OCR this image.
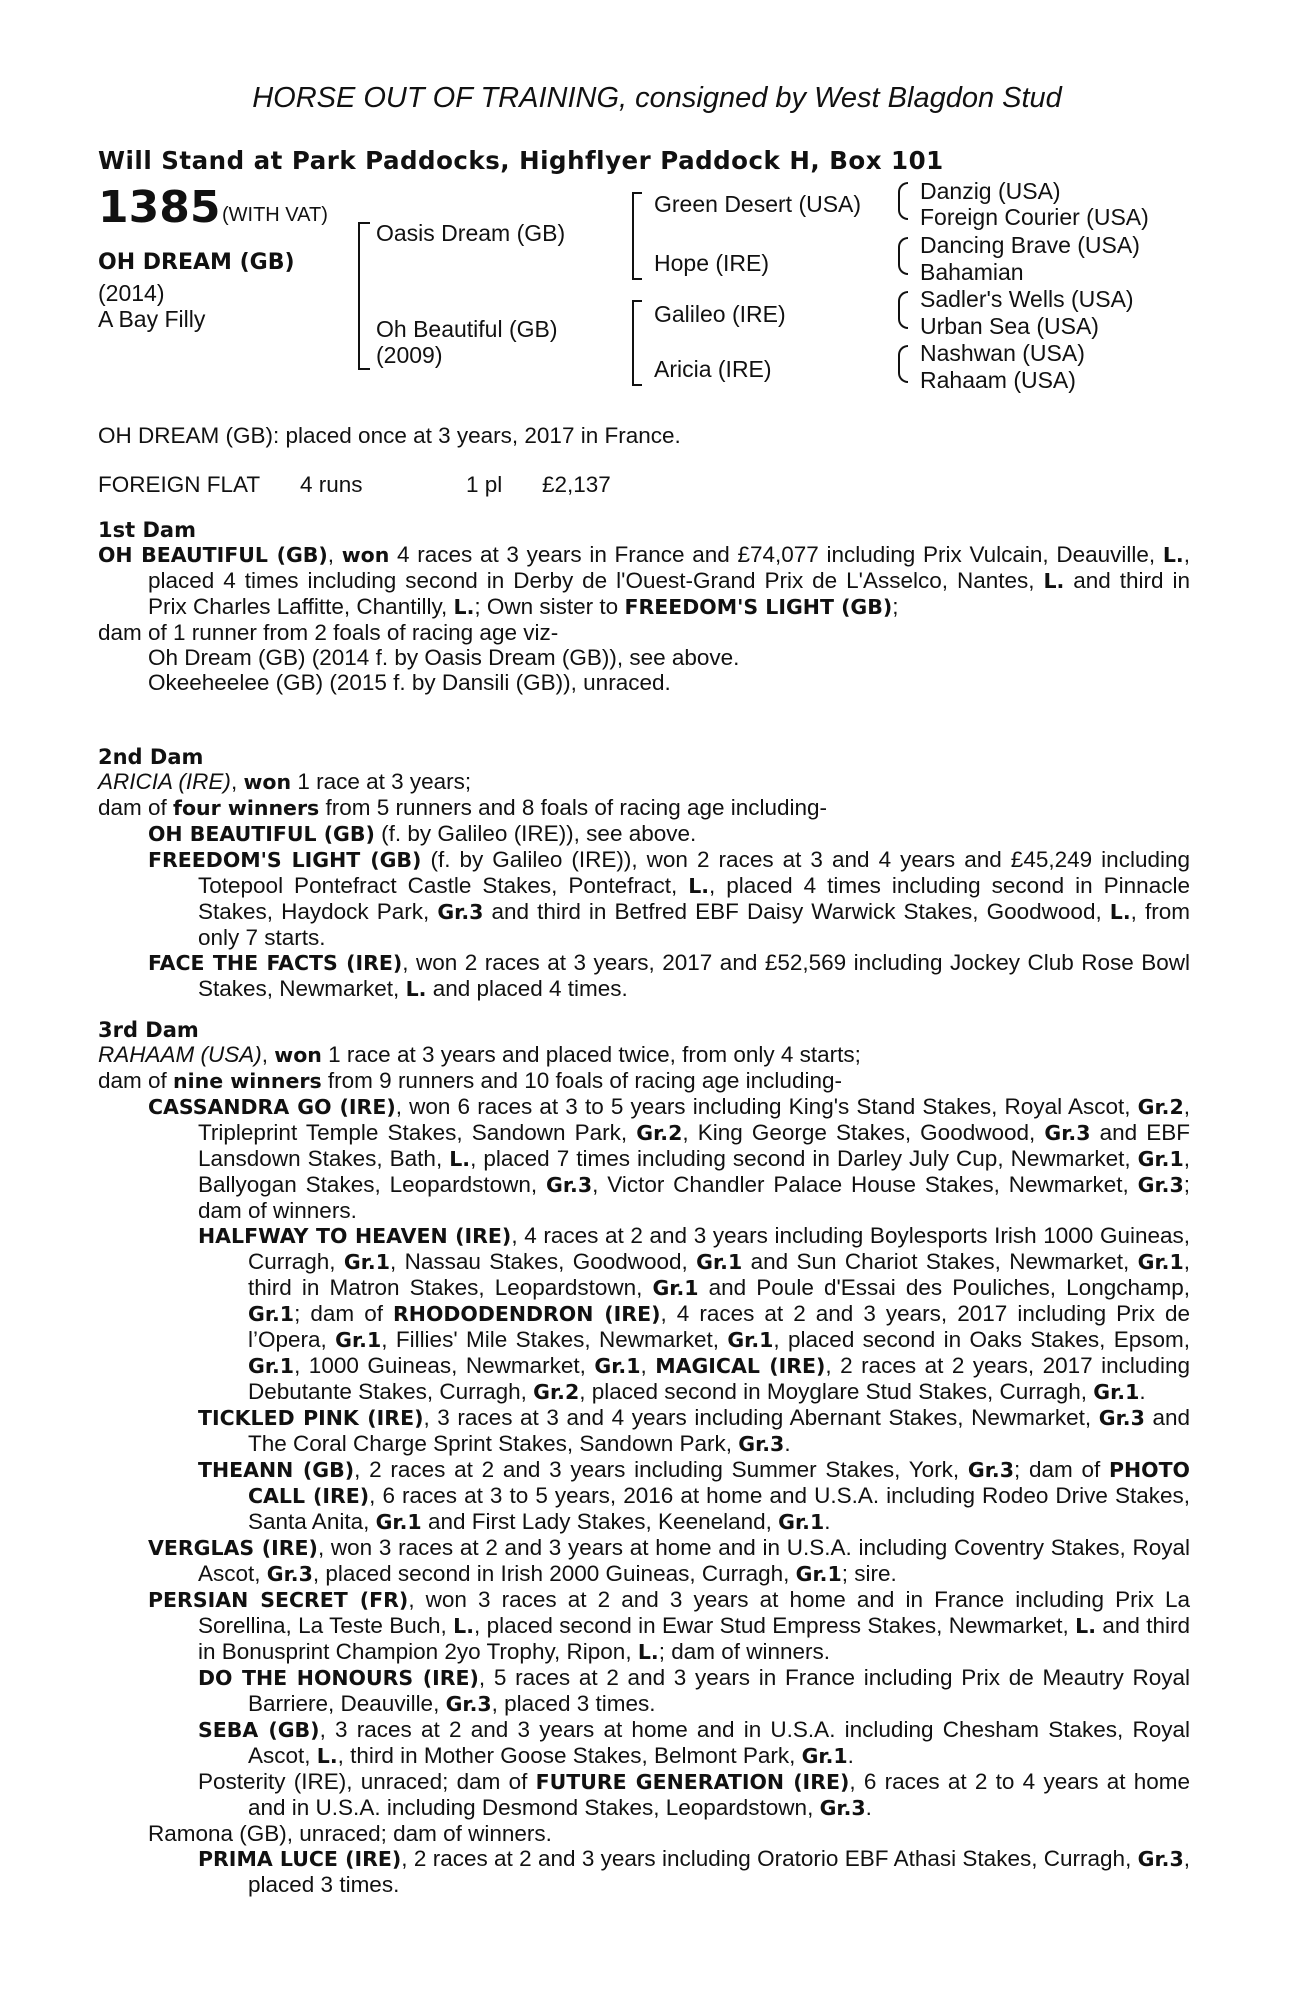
HORSE OUT OF TRAINING, consigned by West Blagdon Stud
Will Stand at Park Paddocks, Highflyer Paddock H, Box 101
1385 (WITH VAT)
OH DREAM (GB)
(2014)
A Bay Filly
Oasis Dream (GB)
Oh Beautiful (GB)
(2009)
Green Desert (USA)
Hope (IRE)
Galileo (IRE)
Aricia (IRE)
Danzig (USA)
Foreign Courier (USA)
Dancing Brave (USA)
Bahamian
Sadler's Wells (USA)
Urban Sea (USA)
Nashwan (USA)
Rahaam (USA)
OH DREAM (GB): placed once at 3 years, 2017 in France.
FOREIGN FLAT 4 runs	1 pl £2,137
1st Dam

OH BEAUTIFUL (GB), won 4 races at 3 years in France and £74,077 including Prix Vulcain, Deauville, L., placed 4 times including second in Derby de l'Ouest-Grand Prix de L'Asselco, Nantes, L. and third in Prix Charles Laffitte, Chantilly, L.; Own sister to FREEDOM'S LIGHT (GB);

dam of 1 runner from 2 foals of racing age viz-

Oh Dream (GB) (2014 f. by Oasis Dream (GB)), see above.

Okeeheelee (GB) (2015 f. by Dansili (GB)), unraced.

2nd Dam

ARICIA (IRE), won 1 race at 3 years;

dam of four winners from 5 runners and 8 foals of racing age including-

OH BEAUTIFUL (GB) (f. by Galileo (IRE)), see above.

FREEDOM'S LIGHT (GB) (f. by Galileo (IRE)), won 2 races at 3 and 4 years and £45,249 including Totepool Pontefract Castle Stakes, Pontefract, L., placed 4 times including second in Pinnacle Stakes, Haydock Park, Gr.3 and third in Betfred EBF Daisy Warwick Stakes, Goodwood, L., from only 7 starts.

FACE THE FACTS (IRE), won 2 races at 3 years, 2017 and £52,569 including Jockey Club Rose Bowl Stakes, Newmarket, L. and placed 4 times.

3rd Dam

RAHAAM (USA), won 1 race at 3 years and placed twice, from only 4 starts;

dam of nine winners from 9 runners and 10 foals of racing age including-

CASSANDRA GO (IRE), won 6 races at 3 to 5 years including King's Stand Stakes, Royal Ascot, Gr.2, Tripleprint Temple Stakes, Sandown Park, Gr.2, King George Stakes, Goodwood, Gr.3 and EBF Lansdown Stakes, Bath, L., placed 7 times including second in Darley July Cup, Newmarket, Gr.1, Ballyogan Stakes, Leopardstown, Gr.3, Victor Chandler Palace House Stakes, Newmarket, Gr.3; dam of winners.

HALFWAY TO HEAVEN (IRE), 4 races at 2 and 3 years including Boylesports Irish 1000 Guineas, Curragh, Gr.1, Nassau Stakes, Goodwood, Gr.1 and Sun Chariot Stakes, Newmarket, Gr.1, third in Matron Stakes, Leopardstown, Gr.1 and Poule d'Essai des Pouliches, Longchamp, Gr.1; dam of RHODODENDRON (IRE), 4 races at 2 and 3 years, 2017 including Prix de l’Opera, Gr.1, Fillies' Mile Stakes, Newmarket, Gr.1, placed second in Oaks Stakes, Epsom, Gr.1, 1000 Guineas, Newmarket, Gr.1, MAGICAL (IRE), 2 races at 2 years, 2017 including Debutante Stakes, Curragh, Gr.2, placed second in Moyglare Stud Stakes, Curragh, Gr.1.

TICKLED PINK (IRE), 3 races at 3 and 4 years including Abernant Stakes, Newmarket, Gr.3 and The Coral Charge Sprint Stakes, Sandown Park, Gr.3.

THEANN (GB), 2 races at 2 and 3 years including Summer Stakes, York, Gr.3; dam of PHOTO CALL (IRE), 6 races at 3 to 5 years, 2016 at home and U.S.A. including Rodeo Drive Stakes, Santa Anita, Gr.1 and First Lady Stakes, Keeneland, Gr.1.

VERGLAS (IRE), won 3 races at 2 and 3 years at home and in U.S.A. including Coventry Stakes, Royal Ascot, Gr.3, placed second in Irish 2000 Guineas, Curragh, Gr.1; sire.

PERSIAN SECRET (FR), won 3 races at 2 and 3 years at home and in France including Prix La Sorellina, La Teste Buch, L., placed second in Ewar Stud Empress Stakes, Newmarket, L. and third in Bonusprint Champion 2yo Trophy, Ripon, L.; dam of winners.

DO THE HONOURS (IRE), 5 races at 2 and 3 years in France including Prix de Meautry Royal Barriere, Deauville, Gr.3, placed 3 times.

SEBA (GB), 3 races at 2 and 3 years at home and in U.S.A. including Chesham Stakes, Royal Ascot, L., third in Mother Goose Stakes, Belmont Park, Gr.1.

Posterity (IRE), unraced; dam of FUTURE GENERATION (IRE), 6 races at 2 to 4 years at home and in U.S.A. including Desmond Stakes, Leopardstown, Gr.3.

Ramona (GB), unraced; dam of winners.

PRIMA LUCE (IRE), 2 races at 2 and 3 years including Oratorio EBF Athasi Stakes, Curragh, Gr.3, placed 3 times.
